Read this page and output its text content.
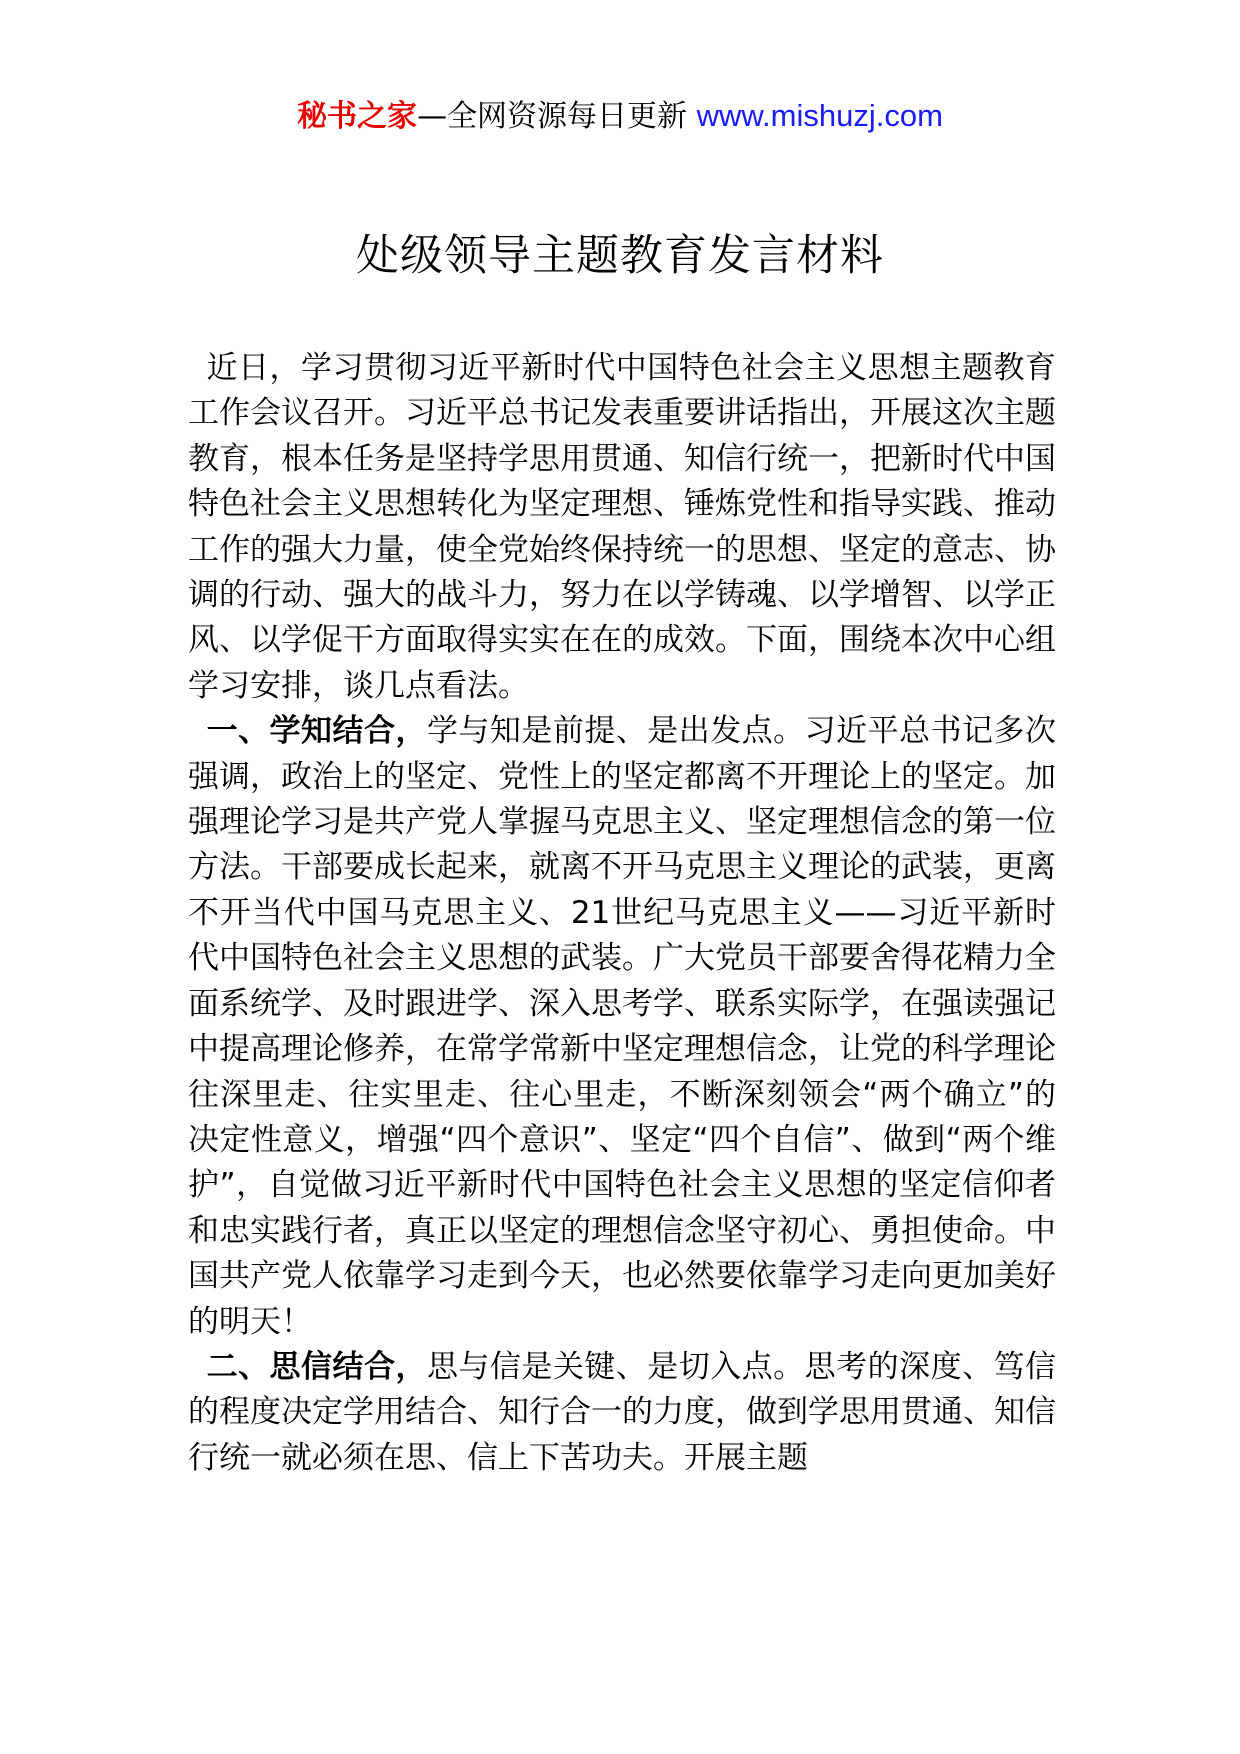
秘书之家—全网资源每日更新 www.mishuzj.com
处级领导主题教育发言材料

近日，学习贯彻习近平新时代中国特色社会主义思想主题教育工作会议召开。习近平总书记发表重要讲话指出，开展这次主题教育，根本任务是坚持学思用贯通、知信行统一，把新时代中国特色社会主义思想转化为坚定理想、锤炼党性和指导实践、推动工作的强大力量，使全党始终保持统一的思想、坚定的意志、协调的行动、强大的战斗力，努力在以学铸魂、以学增智、以学正风、以学促干方面取得实实在在的成效。下面，围绕本次中心组学习安排，谈几点看法。

一、学知结合，学与知是前提、是出发点。习近平总书记多次强调，政治上的坚定、党性上的坚定都离不开理论上的坚定。加强理论学习是共产党人掌握马克思主义、坚定理想信念的第一位方法。干部要成长起来，就离不开马克思主义理论的武装，更离不开当代中国马克思主义、21世纪马克思主义——习近平新时代中国特色社会主义思想的武装。广大党员干部要舍得花精力全面系统学、及时跟进学、深入思考学、联系实际学，在强读强记中提高理论修养，在常学常新中坚定理想信念，让党的科学理论往深里走、往实里走、往心里走，不断深刻领会“两个确立”的决定性意义，增强“四个意识”、坚定“四个自信”、做到“两个维护”，自觉做习近平新时代中国特色社会主义思想的坚定信仰者和忠实践行者，真正以坚定的理想信念坚守初心、勇担使命。中国共产党人依靠学习走到今天，也必然要依靠学习走向更加美好的明天！

二、思信结合，思与信是关键、是切入点。思考的深度、笃信的程度决定学用结合、知行合一的力度，做到学思用贯通、知信行统一就必须在思、信上下苦功夫。开展主题
